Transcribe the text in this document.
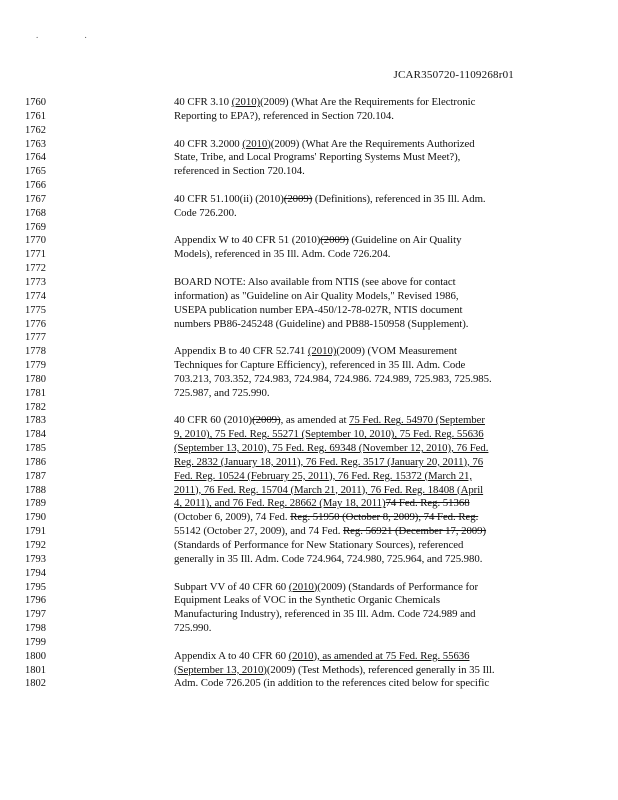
. .
JCAR350720-1109268r01
1760	40 CFR 3.10 (2010)(2009) (What Are the Requirements for Electronic
1761	Reporting to EPA?), referenced in Section 720.104.
1762
1763	40 CFR 3.2000 (2010)(2009) (What Are the Requirements Authorized
1764	State, Tribe, and Local Programs' Reporting Systems Must Meet?),
1765	referenced in Section 720.104.
1766
1767	40 CFR 51.100(ii) (2010)(2009) (Definitions), referenced in 35 Ill. Adm.
1768	Code 726.200.
1769
1770	Appendix W to 40 CFR 51 (2010)(2009) (Guideline on Air Quality
1771	Models), referenced in 35 Ill. Adm. Code 726.204.
1772
1773	BOARD NOTE: Also available from NTIS (see above for contact
1774	information) as "Guideline on Air Quality Models," Revised 1986,
1775	USEPA publication number EPA-450/12-78-027R, NTIS document
1776	numbers PB86-245248 (Guideline) and PB88-150958 (Supplement).
1777
1778	Appendix B to 40 CFR 52.741 (2010)(2009) (VOM Measurement
1779	Techniques for Capture Efficiency), referenced in 35 Ill. Adm. Code
1780	703.213, 703.352, 724.983, 724.984, 724.986. 724.989, 725.983, 725.985.
1781	725.987, and 725.990.
1782
1783	40 CFR 60 (2010)(2009), as amended at 75 Fed. Reg. 54970 (September
1784	9, 2010), 75 Fed. Reg. 55271 (September 10, 2010), 75 Fed. Reg. 55636
1785	(September 13, 2010), 75 Fed. Reg. 69348 (November 12, 2010), 76 Fed.
1786	Reg. 2832 (January 18, 2011), 76 Fed. Reg. 3517 (January 20, 2011), 76
1787	Fed. Reg. 10524 (February 25, 2011), 76 Fed. Reg. 15372 (March 21,
1788	2011), 76 Fed. Reg. 15704 (March 21, 2011), 76 Fed. Reg. 18408 (April
1789	4, 2011), and 76 Fed. Reg. 28662 (May 18, 2011)74 Fed. Reg. 51368
1790	(October 6, 2009), 74 Fed. Reg. 51950 (October 8, 2009), 74 Fed. Reg.
1791	55142 (October 27, 2009), and 74 Fed. Reg. 56921 (December 17, 2009)
1792	(Standards of Performance for New Stationary Sources), referenced
1793	generally in 35 Ill. Adm. Code 724.964, 724.980, 725.964, and 725.980.
1794
1795	Subpart VV of 40 CFR 60 (2010)(2009) (Standards of Performance for
1796	Equipment Leaks of VOC in the Synthetic Organic Chemicals
1797	Manufacturing Industry), referenced in 35 Ill. Adm. Code 724.989 and
1798	725.990.
1799
1800	Appendix A to 40 CFR 60 (2010), as amended at 75 Fed. Reg. 55636
1801	(September 13, 2010)(2009) (Test Methods), referenced generally in 35 Ill.
1802	Adm. Code 726.205 (in addition to the references cited below for specific
